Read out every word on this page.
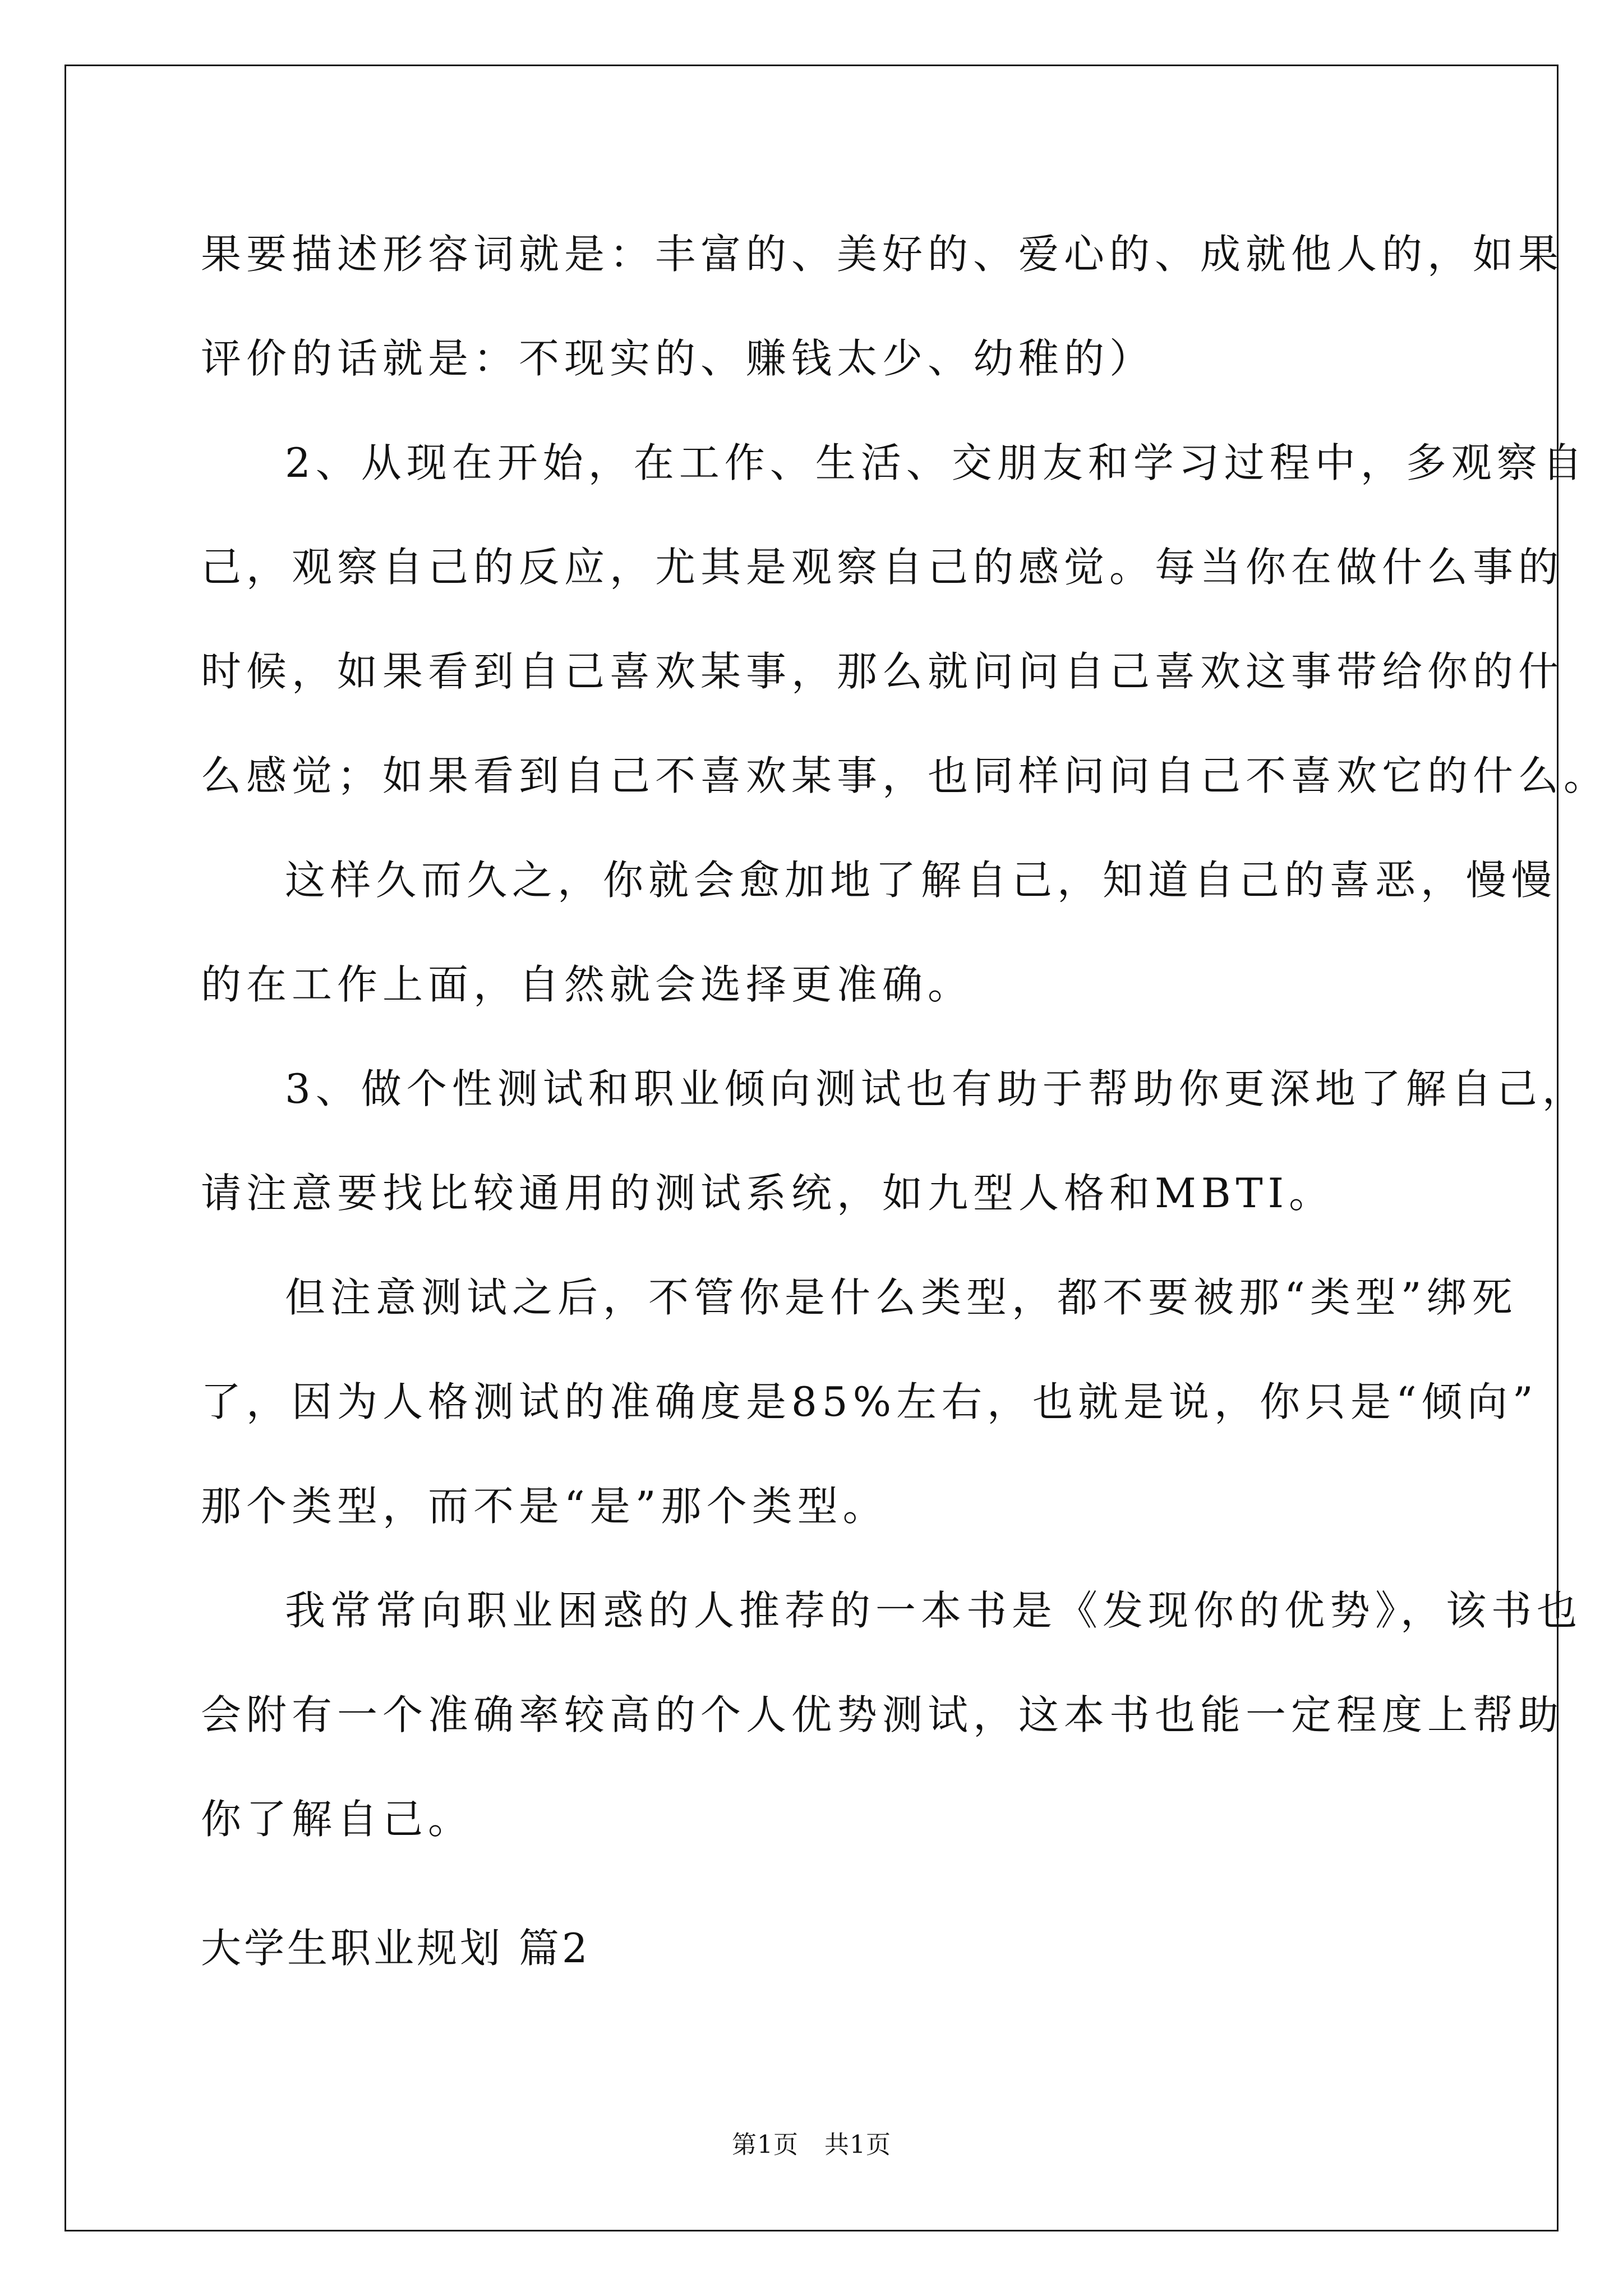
果要描述形容词就是：丰富的、美好的、爱心的、成就他人的，如果
评价的话就是：不现实的、赚钱太少、幼稚的）
2、从现在开始，在工作、生活、交朋友和学习过程中，多观察自
己，观察自己的反应，尤其是观察自己的感觉。每当你在做什么事的
时候，如果看到自己喜欢某事，那么就问问自己喜欢这事带给你的什
么感觉；如果看到自己不喜欢某事，也同样问问自己不喜欢它的什么。
这样久而久之，你就会愈加地了解自己，知道自己的喜恶，慢慢
的在工作上面，自然就会选择更准确。
3、做个性测试和职业倾向测试也有助于帮助你更深地了解自己，
请注意要找比较通用的测试系统，如九型人格和MBTI。
但注意测试之后，不管你是什么类型，都不要被那“类型”绑死
了，因为人格测试的准确度是85%左右，也就是说，你只是“倾向”
那个类型，而不是“是”那个类型。
我常常向职业困惑的人推荐的一本书是《发现你的优势》，该书也
会附有一个准确率较高的个人优势测试，这本书也能一定程度上帮助
你了解自己。
大学生职业规划 篇2
第1页 共1页
